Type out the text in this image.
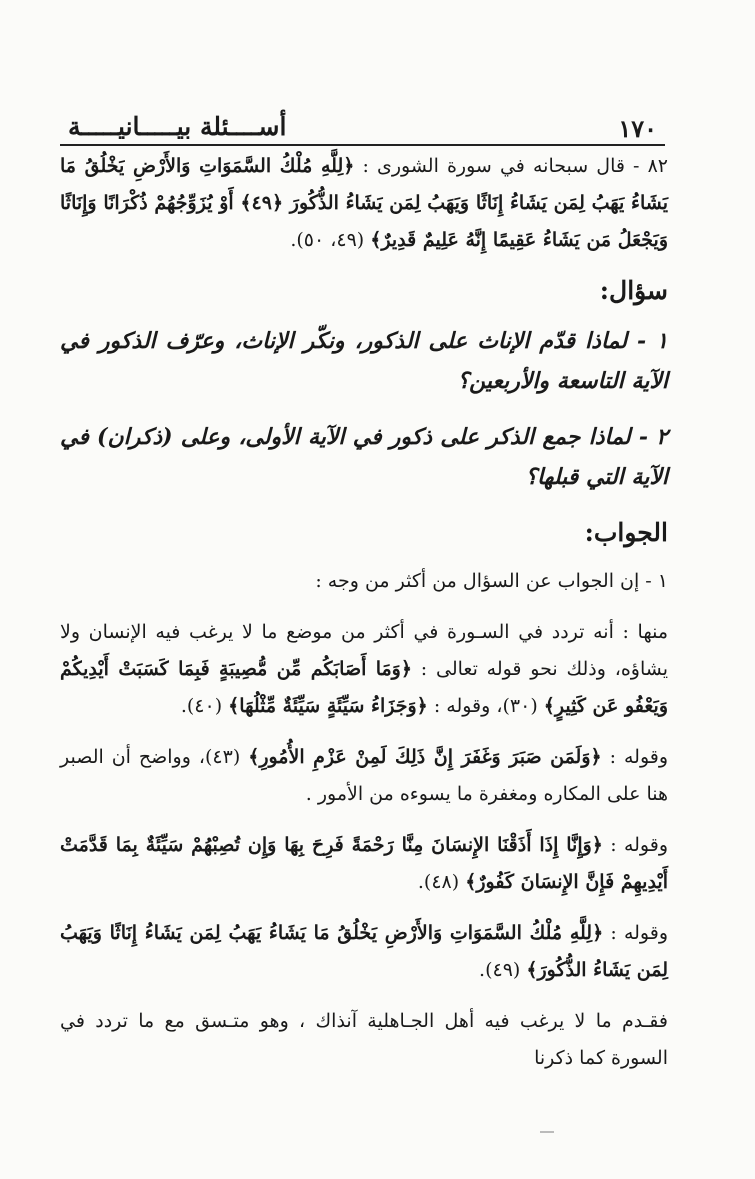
١٧٠
أســــئلة بيـــــانيـــــة

٨٢ - قال سبحانه في سورة الشورى : ﴿لِلَّهِ مُلْكُ السَّمَوَاتِ وَالأَرْضِ يَخْلُقُ مَا يَشَاءُ يَهَبُ لِمَن يَشَاءُ إِنَاثًا وَيَهَبُ لِمَن يَشَاءُ الذُّكُورَ ﴿٤٩﴾ أَوْ يُزَوِّجُهُمْ ذُكْرَانًا وَإِنَاثًا وَيَجْعَلُ مَن يَشَاءُ عَقِيمًا إِنَّهُ عَلِيمٌ قَدِيرٌ﴾ (٤٩، ٥٠).

سؤال:

١ - لماذا قدّم الإناث على الذكور، ونكّر الإناث، وعرّف الذكور في الآية التاسعة والأربعين؟

٢ - لماذا جمع الذكر على ذكور في الآية الأولى، وعلى (ذكران) في الآية التي قبلها؟

الجواب:

١ - إن الجواب عن السؤال من أكثر من وجه :

منها : أنه تردد في السـورة في أكثر من موضع ما لا يرغب فيه الإنسان ولا يشاؤه، وذلك نحو قوله تعالى : ﴿وَمَا أَصَابَكُم مِّن مُّصِيبَةٍ فَبِمَا كَسَبَتْ أَيْدِيكُمْ وَيَعْفُو عَن كَثِيرٍ﴾ (٣٠)، وقوله : ﴿وَجَزَاءُ سَيِّئَةٍ سَيِّئَةٌ مِّثْلُهَا﴾ (٤٠).

وقوله : ﴿وَلَمَن صَبَرَ وَغَفَرَ إِنَّ ذَلِكَ لَمِنْ عَزْمِ الأُمُورِ﴾ (٤٣)، وواضح أن الصبر هنا على المكاره ومغفرة ما يسوءه من الأمور .

وقوله : ﴿وَإِنَّا إِذَا أَذَقْنَا الإِنسَانَ مِنَّا رَحْمَةً فَرِحَ بِهَا وَإِن تُصِبْهُمْ سَيِّئَةٌ بِمَا قَدَّمَتْ أَيْدِيهِمْ فَإِنَّ الإِنسَانَ كَفُورٌ﴾ (٤٨).

وقوله : ﴿لِلَّهِ مُلْكُ السَّمَوَاتِ وَالأَرْضِ يَخْلُقُ مَا يَشَاءُ يَهَبُ لِمَن يَشَاءُ إِنَاثًا وَيَهَبُ لِمَن يَشَاءُ الذُّكُورَ﴾ (٤٩).

فقـدم ما لا يرغب فيه أهل الجـاهلية آنذاك ، وهو متـسق مع ما تردد في السورة كما ذكرنا
